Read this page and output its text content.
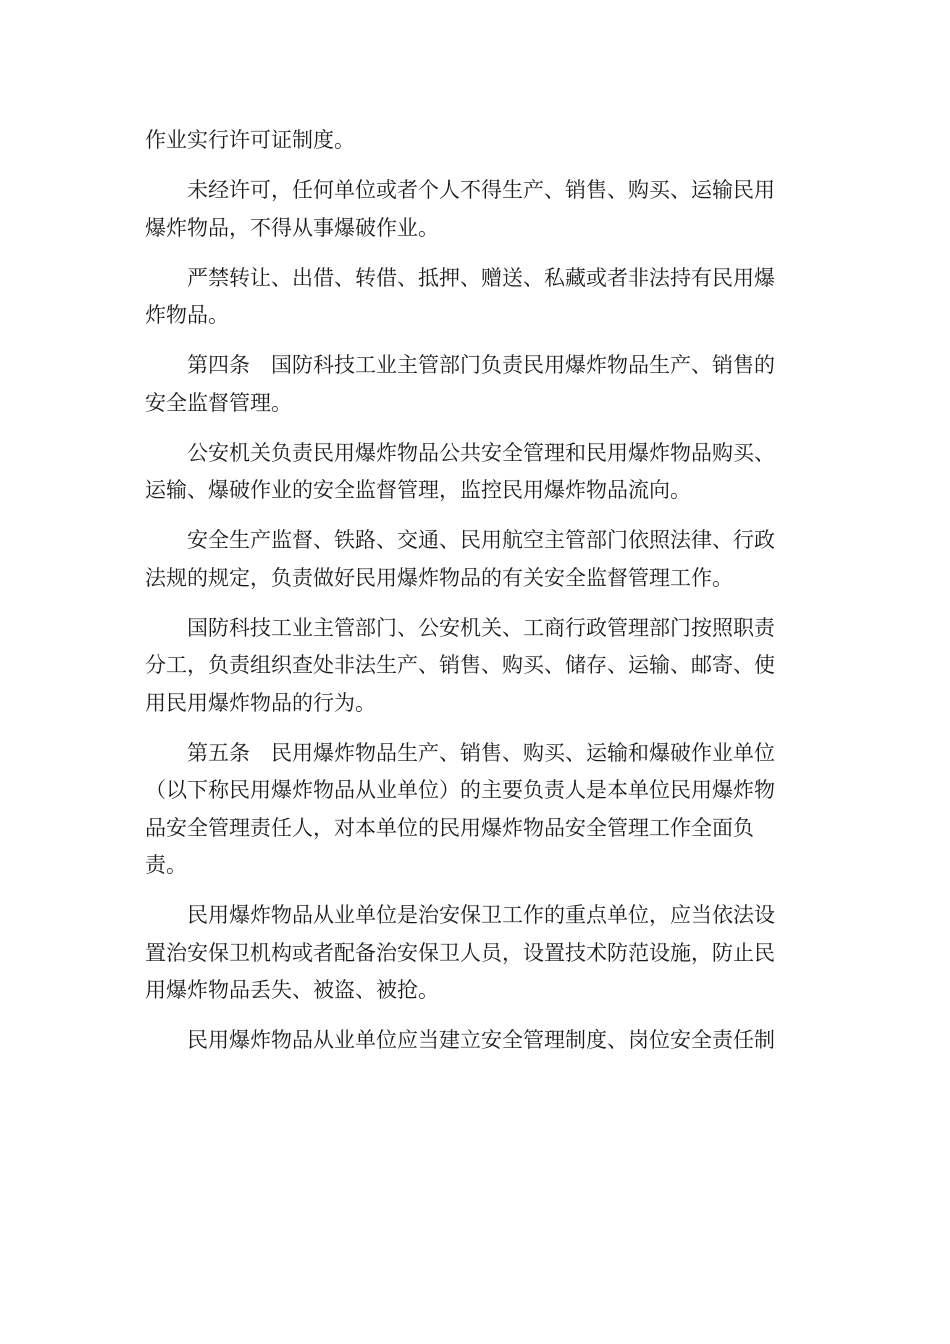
作业实行许可证制度。
未经许可，任何单位或者个人不得生产、销售、购买、运输民用
爆炸物品，不得从事爆破作业。
严禁转让、出借、转借、抵押、赠送、私藏或者非法持有民用爆
炸物品。
第四条　国防科技工业主管部门负责民用爆炸物品生产、销售的
安全监督管理。
公安机关负责民用爆炸物品公共安全管理和民用爆炸物品购买、
运输、爆破作业的安全监督管理，监控民用爆炸物品流向。
安全生产监督、铁路、交通、民用航空主管部门依照法律、行政
法规的规定，负责做好民用爆炸物品的有关安全监督管理工作。
国防科技工业主管部门、公安机关、工商行政管理部门按照职责
分工，负责组织查处非法生产、销售、购买、储存、运输、邮寄、使
用民用爆炸物品的行为。
第五条　民用爆炸物品生产、销售、购买、运输和爆破作业单位
（以下称民用爆炸物品从业单位）的主要负责人是本单位民用爆炸物
品安全管理责任人，对本单位的民用爆炸物品安全管理工作全面负
责。
民用爆炸物品从业单位是治安保卫工作的重点单位，应当依法设
置治安保卫机构或者配备治安保卫人员，设置技术防范设施，防止民
用爆炸物品丢失、被盗、被抢。
民用爆炸物品从业单位应当建立安全管理制度、岗位安全责任制
